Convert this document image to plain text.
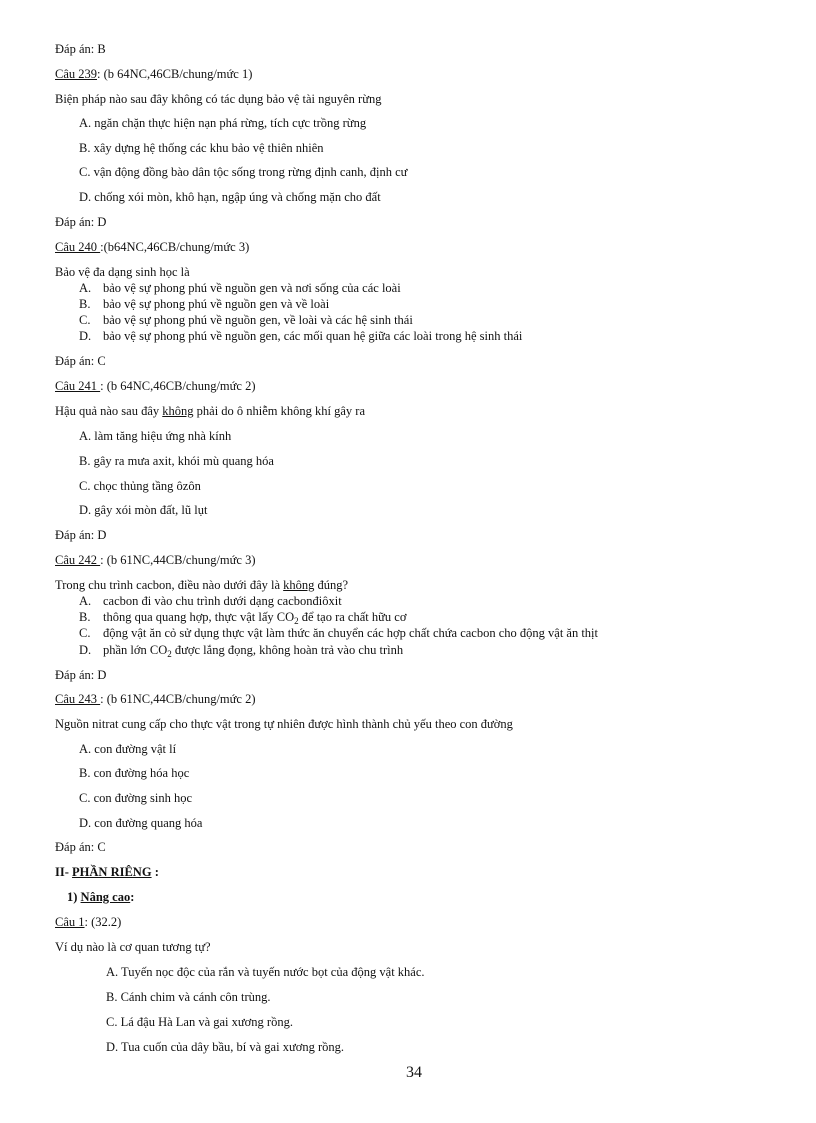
Đáp án: B
Câu 239: (b 64NC,46CB/chung/mức 1)
Biện pháp nào sau đây không có tác dụng bảo vệ tài nguyên rừng
A. ngăn chặn thực hiện nạn phá rừng, tích cực trồng rừng
B. xây dựng hệ thống các khu bảo vệ thiên nhiên
C. vận động đồng bào dân tộc sống trong rừng định canh, định cư
D. chống xói mòn, khô hạn, ngập úng và chống mặn cho đất
Đáp án: D
Câu 240 :(b64NC,46CB/chung/mức 3)
Bảo vệ đa dạng sinh học là
A. bảo vệ sự phong phú về nguồn gen và nơi sống của các loài
B. bảo vệ sự phong phú về nguồn gen và về loài
C. bảo vệ sự phong phú về nguồn gen, về loài và các hệ sinh thái
D. bảo vệ sự phong phú về nguồn gen, các mối quan hệ giữa các loài trong hệ sinh thái
Đáp án: C
Câu 241 : (b 64NC,46CB/chung/mức 2)
Hậu quả nào sau đây không phải do ô nhiễm không khí gây ra
A. làm tăng hiệu ứng nhà kính
B. gây ra mưa axit, khói mù quang hóa
C. chọc thủng tầng ôzôn
D. gây xói mòn đất, lũ lụt
Đáp án: D
Câu 242 : (b 61NC,44CB/chung/mức 3)
Trong chu trình cacbon, điều nào dưới đây là không đúng?
A. cacbon đi vào chu trình dưới dạng cacbonđiôxit
B. thông qua quang hợp, thực vật lấy $CO_2$ để tạo ra chất hữu cơ
C. động vật ăn cỏ sử dụng thực vật làm thức ăn chuyển các hợp chất chứa cacbon cho động vật ăn thịt
D. phần lớn $CO_2$ được lắng đọng, không hoàn trả vào chu trình
Đáp án: D
Câu 243 : (b 61NC,44CB/chung/mức 2)
Nguồn nitrat cung cấp cho thực vật trong tự nhiên được hình thành chủ yếu theo con đường
A. con đường vật lí
B. con đường hóa học
C. con đường sinh học
D. con đường quang hóa
Đáp án: C
II- PHẦN RIÊNG :
1) Nâng cao:
Câu 1: (32.2)
Ví dụ nào là cơ quan tương tự?
A. Tuyến nọc độc của rắn và tuyến nước bọt của động vật khác.
B. Cánh chim và cánh côn trùng.
C. Lá đậu Hà Lan và gai xương rồng.
D. Tua cuốn của dây bầu, bí và gai xương rồng.
34
